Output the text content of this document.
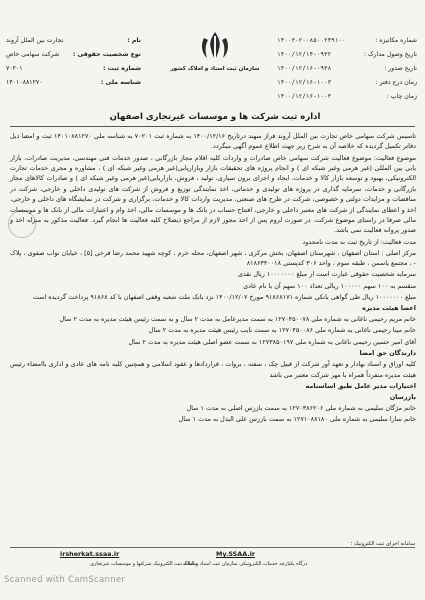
شماره مکانیزه :
۱۴۰۰۳۰۲۰۰۸۵۰۰۲۴۹۱۰۰
تاریخ وصول مدارک :
۱۴۰۰/۱۲/۱۴-۰۹۳۲
تاریخ صدور :
۱۴۰۰/۱۲/۱۶-۰۹۳۸
زمان درج دفتر :
۱۴۰۰/۱۲/۱۶-۱۰۰۳
زمان چاپ :
۱۴۰۰/۱۲/۱۶-۱۰۰۳
سازمان ثبت اسناد و املاک کشور
نام :
تجارت بین الملل آروند
نوع شخصیت حقوقی :
شرکت سهامی خاص
شماره ثبت :
۷۰۲۰۱
شناسه ملی :
۱۴۰۱۰۸۸۱۲۷۰
اداره ثبت شرکت ها و موسسات غیرتجاری اصفهان

تاسیس شرکت سهامی خاص تجارت بین الملل آروند فراز سهند درتاریخ ۱۴۰۰/۱۲/۱۶ به شماره ثبت ۷۰۲۰۱ به شناسه ملی ۱۴۰۱۰۸۸۱۲۷۰ ثبت و امضا ذیل دفاتر تکمیل گردیده که خلاصه آن به شرح زیر جهت اطلاع عموم آگهی میگردد.

موضوع فعالیت: موضوع فعالیت شرکت سهامی خاص صادرات و واردات کلیه اقلام مجاز بازرگانی ، صدور خدمات فنی مهندسی، مدیریت صادرات، بازار یابی بین المللی (غیر هرمی وغیر شبکه ای ) و انجام پروژه های تحقیقات بازار وبازاریابی(غیر هرمی وغیر شبکه ای ) ، مشاوره و مجری خدمات تجارت الکترونیکی، بهبود و توسعه بازار کالا و خدمات، ایجاد و اجرای برون سپاری، تولید ، فروش، بازاریابی(غیر هرمی وغیر شبکه ای ) و صادرات کالاهای مجاز بازرگانی و خدمات، سرمایه گذاری در پروژه های تولیدی و خدماتی، اخذ نمایندگی توزیع و فروش از شرکت های تولیدی داخلی و خارجی، شرکت در مناقصات و مزایدات دولتی و خصوصی، شرکت در طرح های صنعتی، مدیریت واردات کالا و خدمات، برگزاری و شرکت در نمایشگاه های داخلی و خارجی، اخذ و اعطای نمایندگی از شرکت های معتبر داخلی و خارجی، افتتاح حساب در بانک ها و موسسات مالی، اخذ وام و اعتبارات مالی از بانک ها و موسسات مالی صرفا در راستای موضوع شرکت. در صورت لزوم پس از اخذ مجوز لازم از مراجع ذیصلاح کلیه فعالیت ها انجام گیرد. فعالیت مذکور به منزله اخذ و صدور پروانه فعالیت نمی باشد.

مدت فعالیت: از تاریخ ثبت به مدت نامحدود

مرکز اصلی : استان اصفهان ، شهرستان اصفهان، بخش مرکزی ، شهر اصفهان، محله خرم ، کوچه شهید محمد رضا فرخی [۵] ، خیابان نواب صفوی ، پلاک - ، مجتمع یاسمن ، طبقه سوم ، واحد ۳۰۶ کدپستی ۸۱۸۶۳۴۰۰۱۸

سرمایه شخصیت حقوقی عبارت است از مبلغ ۱۰۰۰۰۰۰۰ ریال نقدی

منقسم به ۱۰۰ سهم ۱۰۰۰۰۰ ریالی تعداد ۱۰۰ سهم آن با نام عادی

مبلغ ۱۰۰۰۰۰۰۰ ریال طی گواهی بانکی شماره ۹۱۸۶۸۱۷۱ مورخ ۱۴۰۰/۱۲/۰۷ نزد بانک ملت شعبه وقفی اصفهان با کد ۹۱۸۶۸ پرداخت گردیده است

اعضا هیئت مدیره

خانم مریم رحیمی ناغانی به شماره ملی ۱۲۷۰۴۵۰۰۷۸ به سمت مدیرعامل به مدت ۲ سال و به سمت رئیس هیئت مدیره به مدت ۲ سال

خانم مینا رحیمی ناغانی به شماره ملی ۱۲۷۰۴۵۰۰۸۶ به سمت نایب رئیس هیئت مدیره به مدت ۲ سال

آقای امیر حسین رحیمی ناغانی به شماره ملی ۱۲۷۳۸۵۰۱۹۷ به سمت عضو اصلی هیئت مدیره به مدت ۲ سال

دارندگان حق امضا

کلیه اوراق و اسناد بهادار و تعهد آور شرکت از قبیل چک ، سفته ، بروات ، قراردادها و عقود اسلامی و همچنین کلیه نامه های عادی و اداری باامضاء رئیس هیئت مدیره منفرداً همراه با مهر شرکت معتبر می باشد

اختیارات مدیر عامل طبق اساسنامه

بازرسان

خانم مژگان سلیمی به شماره ملی ۱۲۷۰۳۸۶۲۰۶ به سمت بازرس اصلی به مدت ۱ سال

خانم سارا سلیمی به شماره ملی ۱۲۷۱۰۸۸۱۸۰ به سمت بازرس علی البدل به مدت ۱ سال

سامانه اجرای ثبت الکترونیک ؛
My.SSAA.ir
irsherkat.ssaa.ir
درگاه یکپارچه خدمات الکترونیکی سازمان ثبت اسناد و املاک
سامانه ثبت الکترونیک شرکتها و موسسات غیرتجاری
Scanned with CamScanner
